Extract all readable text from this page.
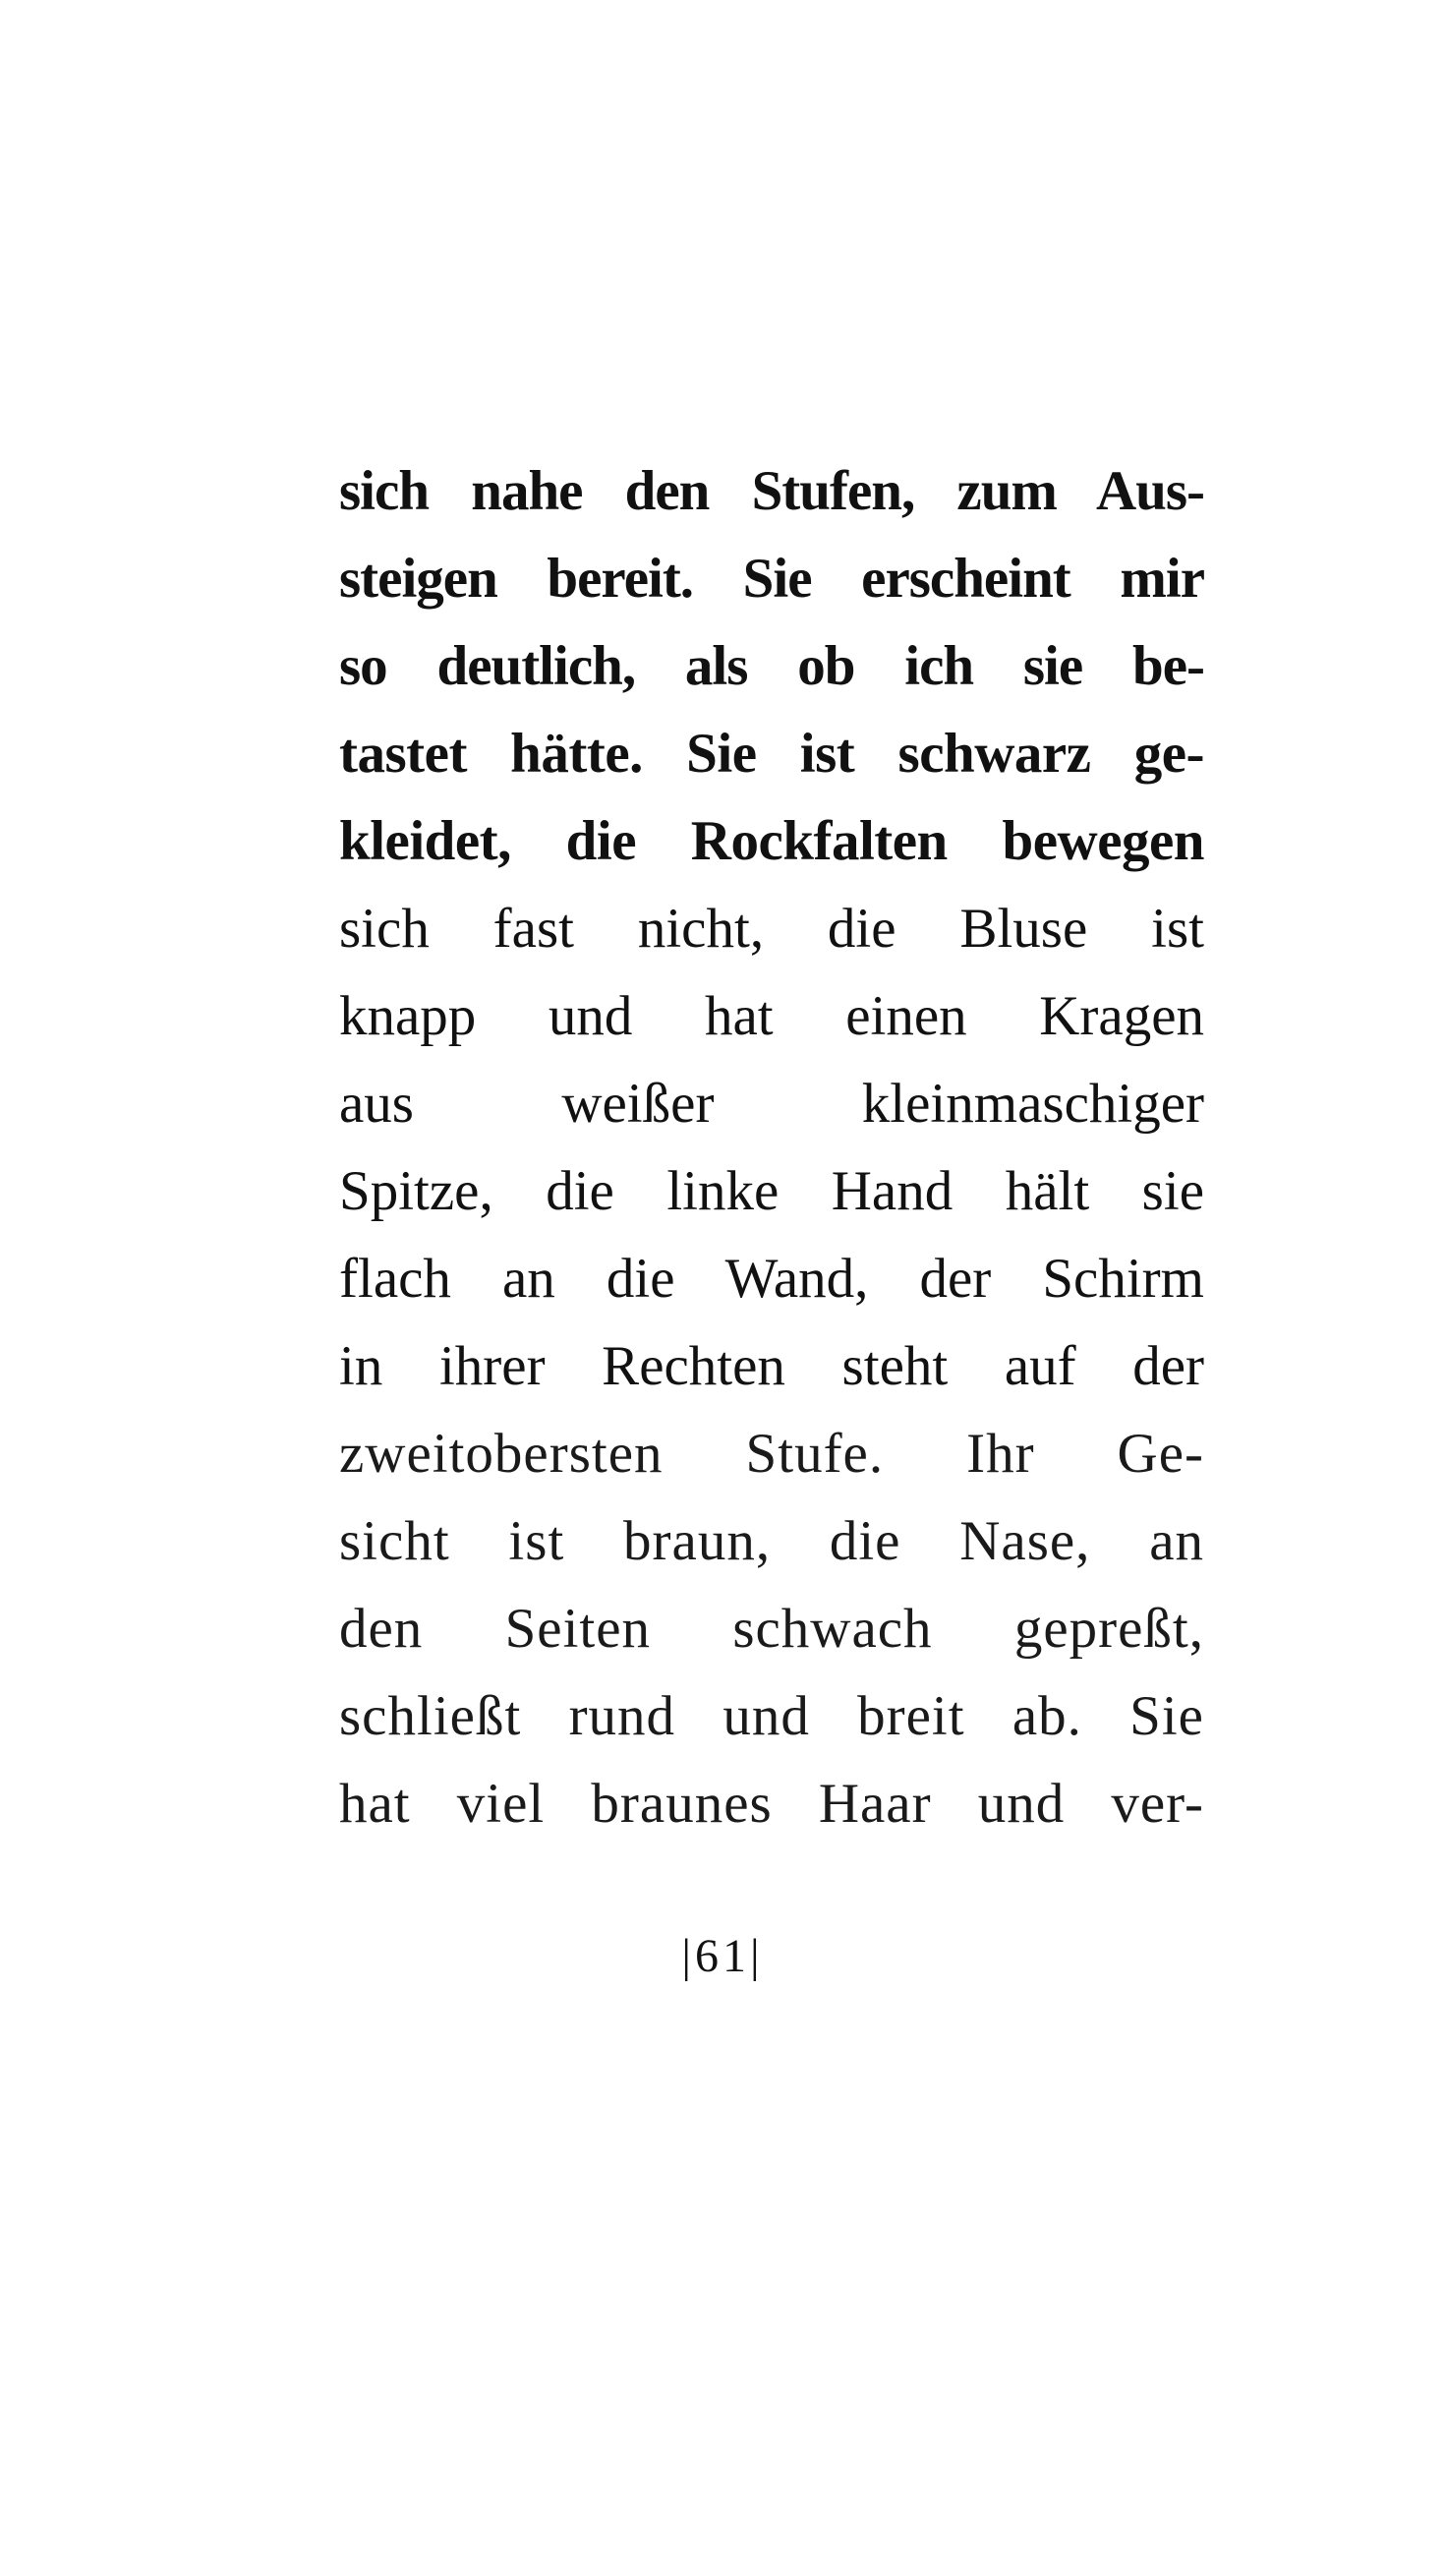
sich nahe den Stufen, zum Aus-
steigen bereit. Sie erscheint mir
so deutlich, als ob ich sie be-
tastet hätte. Sie ist schwarz ge-
kleidet, die Rockfalten bewegen
sich fast nicht, die Bluse ist
knapp und hat einen Kragen
aus weißer kleinmaschiger
Spitze, die linke Hand hält sie
flach an die Wand, der Schirm
in ihrer Rechten steht auf der
zweitobersten Stufe. Ihr Ge-
sicht ist braun, die Nase, an
den Seiten schwach gepreßt,
schließt rund und breit ab. Sie
hat viel braunes Haar und ver-
|61|
